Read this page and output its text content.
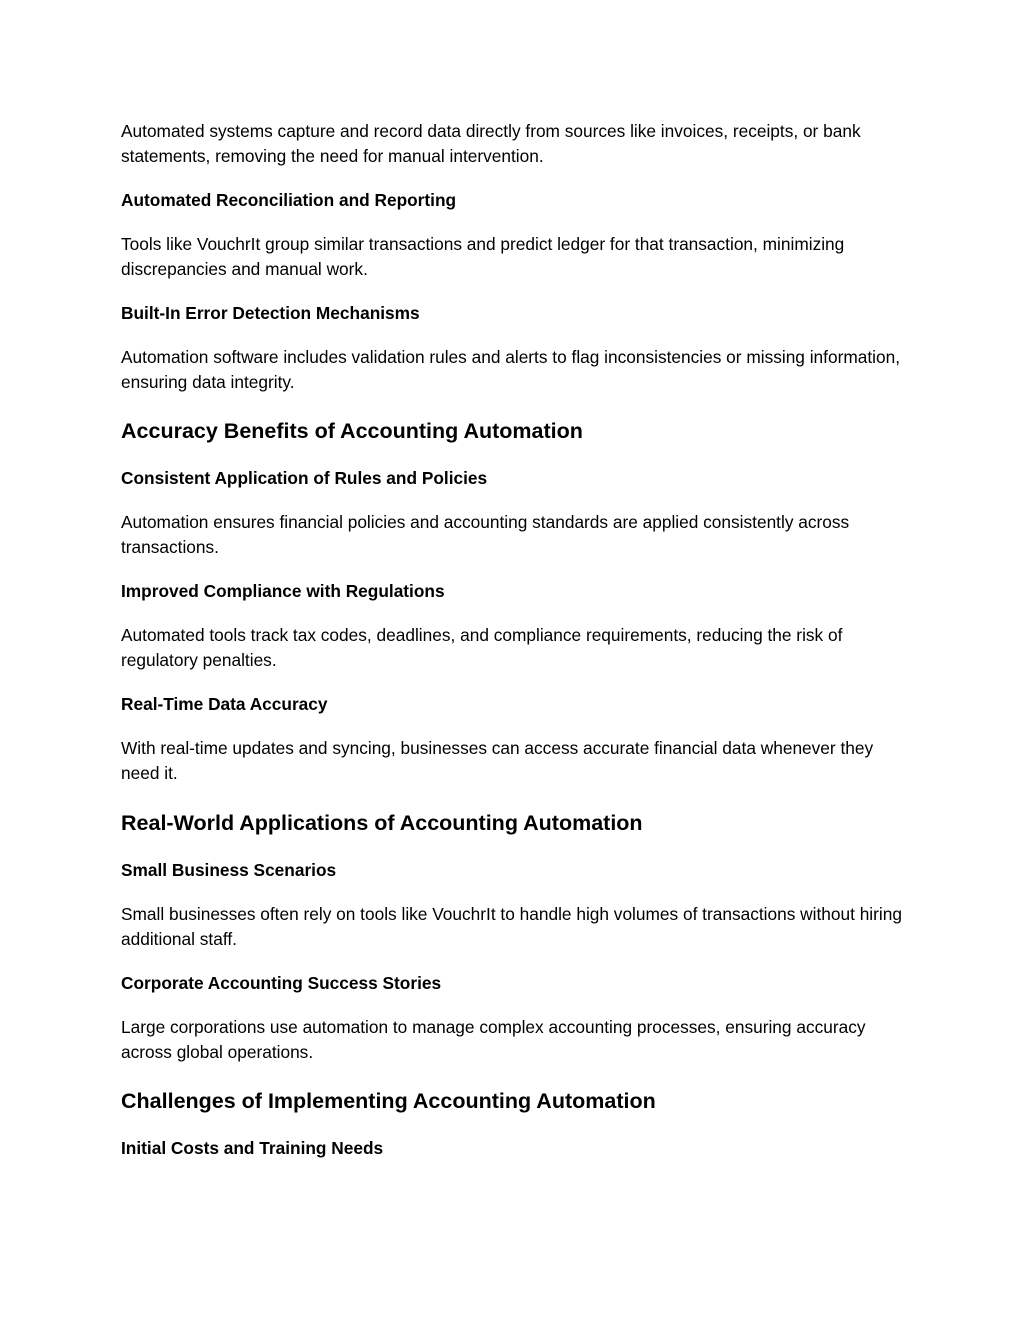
Automated systems capture and record data directly from sources like invoices, receipts, or bank statements, removing the need for manual intervention.

Automated Reconciliation and Reporting

Tools like VouchrIt group similar transactions and predict ledger for that transaction, minimizing discrepancies and manual work.

Built-In Error Detection Mechanisms

Automation software includes validation rules and alerts to flag inconsistencies or missing information, ensuring data integrity.

Accuracy Benefits of Accounting Automation
Consistent Application of Rules and Policies

Automation ensures financial policies and accounting standards are applied consistently across transactions.

Improved Compliance with Regulations

Automated tools track tax codes, deadlines, and compliance requirements, reducing the risk of regulatory penalties.

Real-Time Data Accuracy

With real-time updates and syncing, businesses can access accurate financial data whenever they need it.

Real-World Applications of Accounting Automation
Small Business Scenarios

Small businesses often rely on tools like VouchrIt to handle high volumes of transactions without hiring additional staff.

Corporate Accounting Success Stories

Large corporations use automation to manage complex accounting processes, ensuring accuracy across global operations.

Challenges of Implementing Accounting Automation
Initial Costs and Training Needs
